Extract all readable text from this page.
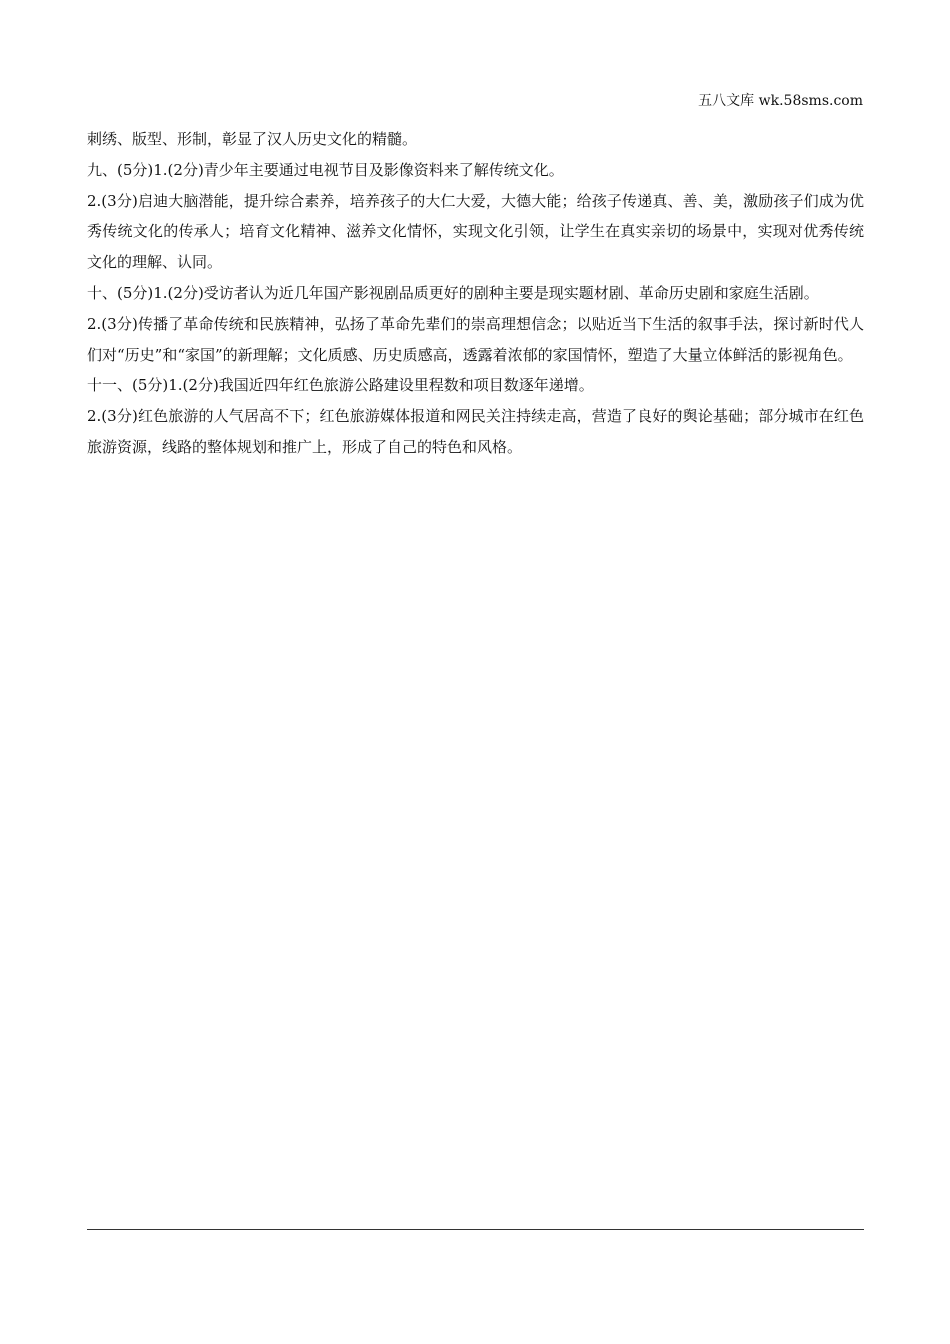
五八文库 wk.58sms.com

刺绣、版型、形制，彰显了汉人历史文化的精髓。

九、(5分)1.(2分)青少年主要通过电视节目及影像资料来了解传统文化。

2.(3分)启迪大脑潜能，提升综合素养，培养孩子的大仁大爱，大德大能；给孩子传递真、善、美，激励孩子们成为优秀传统文化的传承人；培育文化精神、滋养文化情怀，实现文化引领，让学生在真实亲切的场景中，实现对优秀传统文化的理解、认同。

十、(5分)1.(2分)受访者认为近几年国产影视剧品质更好的剧种主要是现实题材剧、革命历史剧和家庭生活剧。

2.(3分)传播了革命传统和民族精神，弘扬了革命先辈们的崇高理想信念；以贴近当下生活的叙事手法，探讨新时代人们对“历史”和“家国”的新理解；文化质感、历史质感高，透露着浓郁的家国情怀，塑造了大量立体鲜活的影视角色。

十一、(5分)1.(2分)我国近四年红色旅游公路建设里程数和项目数逐年递增。

2.(3分)红色旅游的人气居高不下；红色旅游媒体报道和网民关注持续走高，营造了良好的舆论基础；部分城市在红色旅游资源，线路的整体规划和推广上，形成了自己的特色和风格。
